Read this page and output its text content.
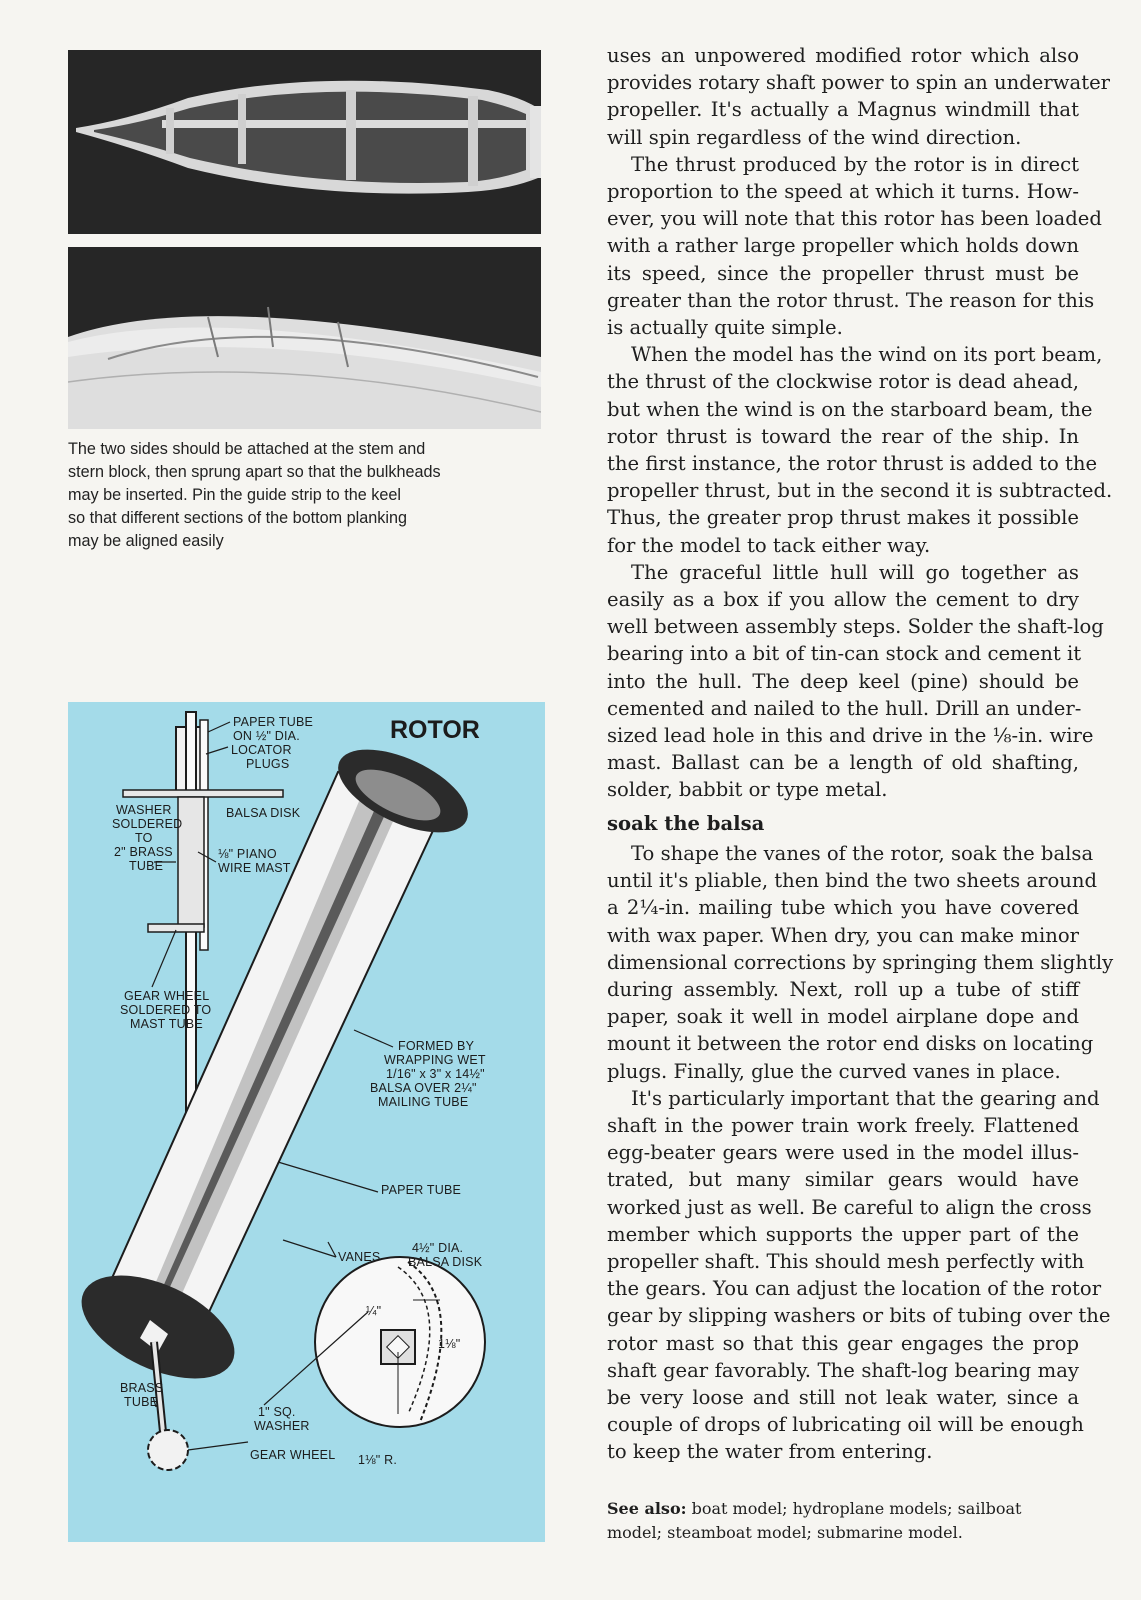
The two sides should be attached at the stem and
stern block, then sprung apart so that the bulkheads
may be inserted. Pin the guide strip to the keel
so that different sections of the bottom planking
may be aligned easily
ROTOR
PAPER TUBE
ON ½" DIA.
LOCATOR
PLUGS
WASHER
SOLDERED
TO
2" BRASS
TUBE
BALSA DISK
⅛" PIANO
WIRE MAST
GEAR WHEEL
SOLDERED TO
MAST TUBE
FORMED BY
WRAPPING WET
1/16" x 3" x 14½"
BALSA OVER 2¼"
MAILING TUBE
PAPER TUBE
VANES
4½" DIA.
BALSA DISK
¼"
1⅛"
1⅛" R.
BRASS
TUBE
1" SQ.
WASHER
GEAR WHEEL
uses an unpowered modified rotor which also
provides rotary shaft power to spin an underwater
propeller. It's actually a Magnus windmill that
will spin regardless of the wind direction.
The thrust produced by the rotor is in direct
proportion to the speed at which it turns. How-
ever, you will note that this rotor has been loaded
with a rather large propeller which holds down
its speed, since the propeller thrust must be
greater than the rotor thrust. The reason for this
is actually quite simple.
When the model has the wind on its port beam,
the thrust of the clockwise rotor is dead ahead,
but when the wind is on the starboard beam, the
rotor thrust is toward the rear of the ship. In
the first instance, the rotor thrust is added to the
propeller thrust, but in the second it is subtracted.
Thus, the greater prop thrust makes it possible
for the model to tack either way.
The graceful little hull will go together as
easily as a box if you allow the cement to dry
well between assembly steps. Solder the shaft-log
bearing into a bit of tin-can stock and cement it
into the hull. The deep keel (pine) should be
cemented and nailed to the hull. Drill an under-
sized lead hole in this and drive in the ⅛-in. wire
mast. Ballast can be a length of old shafting,
solder, babbit or type metal.
soak the balsa
To shape the vanes of the rotor, soak the balsa
until it's pliable, then bind the two sheets around
a 2¼-in. mailing tube which you have covered
with wax paper. When dry, you can make minor
dimensional corrections by springing them slightly
during assembly. Next, roll up a tube of stiff
paper, soak it well in model airplane dope and
mount it between the rotor end disks on locating
plugs. Finally, glue the curved vanes in place.
It's particularly important that the gearing and
shaft in the power train work freely. Flattened
egg-beater gears were used in the model illus-
trated, but many similar gears would have
worked just as well. Be careful to align the cross
member which supports the upper part of the
propeller shaft. This should mesh perfectly with
the gears. You can adjust the location of the rotor
gear by slipping washers or bits of tubing over the
rotor mast so that this gear engages the prop
shaft gear favorably. The shaft-log bearing may
be very loose and still not leak water, since a
couple of drops of lubricating oil will be enough
to keep the water from entering.
See also: boat model; hydroplane models; sailboat
model; steamboat model; submarine model.
